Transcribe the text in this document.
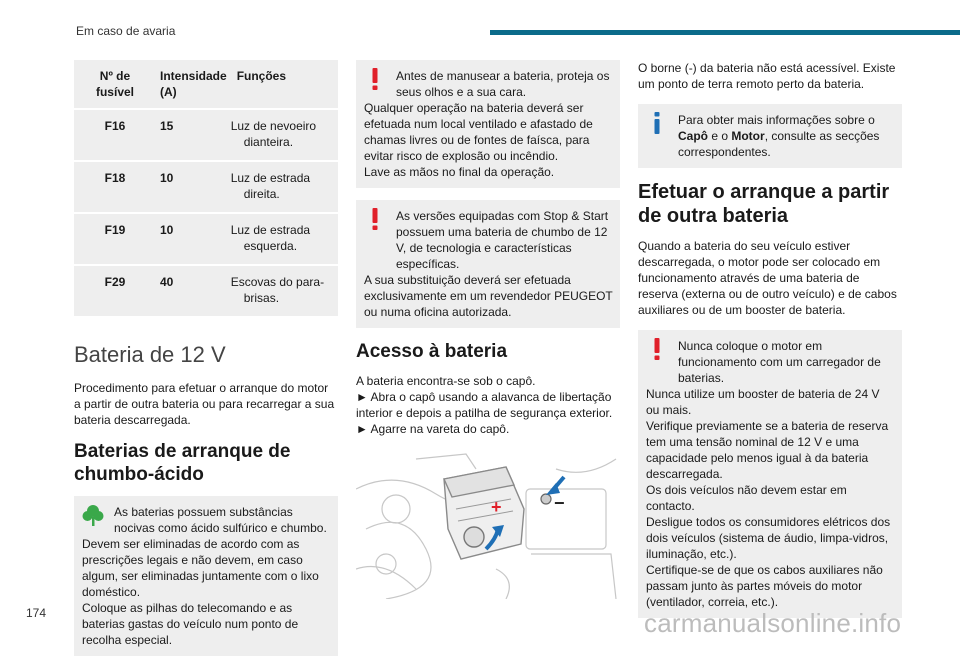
Em caso de avaria
Nº de fusível	Intensidade (A)	Funções
F16	15	Luz de nevoeiro dianteira.
F18	10	Luz de estrada direita.
F19	10	Luz de estrada esquerda.
F29	40	Escovas do para-brisas.
Bateria de 12 V

Procedimento para efetuar o arranque do motor a partir de outra bateria ou para recarregar a sua bateria descarregada.

Baterias de arranque de chumbo-ácido
As baterias possuem substâncias nocivas como ácido sulfúrico e chumbo.
Devem ser eliminadas de acordo com as prescrições legais e não devem, em caso algum, ser eliminadas juntamente com o lixo doméstico.
Coloque as pilhas do telecomando e as baterias gastas do veículo num ponto de recolha especial.
Antes de manusear a bateria, proteja os seus olhos e a sua cara.
Qualquer operação na bateria deverá ser efetuada num local ventilado e afastado de chamas livres ou de fontes de faísca, para evitar risco de explosão ou incêndio.
Lave as mãos no final da operação.
As versões equipadas com Stop & Start possuem uma bateria de chumbo de 12 V, de tecnologia e características específicas.
A sua substituição deverá ser efetuada exclusivamente em um revendedor PEUGEOT ou numa oficina autorizada.
Acesso à bateria

A bateria encontra-se sob o capô.

► Abra o capô usando a alavanca de libertação interior e depois a patilha de segurança exterior.

► Agarre na vareta do capô.

+	−

O borne (-) da bateria não está acessível. Existe um ponto de terra remoto perto da bateria.

Para obter mais informações sobre o Capô e o Motor, consulte as secções correspondentes.
Efetuar o arranque a partir de outra bateria

Quando a bateria do seu veículo estiver descarregada, o motor pode ser colocado em funcionamento através de uma bateria de reserva (externa ou de outro veículo) e de cabos auxiliares ou de um booster de bateria.

Nunca coloque o motor em funcionamento com um carregador de baterias.
Nunca utilize um booster de bateria de 24 V ou mais.
Verifique previamente se a bateria de reserva tem uma tensão nominal de 12 V e uma capacidade pelo menos igual à da bateria descarregada.
Os dois veículos não devem estar em contacto.
Desligue todos os consumidores elétricos dos dois veículos (sistema de áudio, limpa-vidros, iluminação, etc.).
Certifique-se de que os cabos auxiliares não passam junto às partes móveis do motor (ventilador, correia, etc.).
174	carmanualsonline.info
